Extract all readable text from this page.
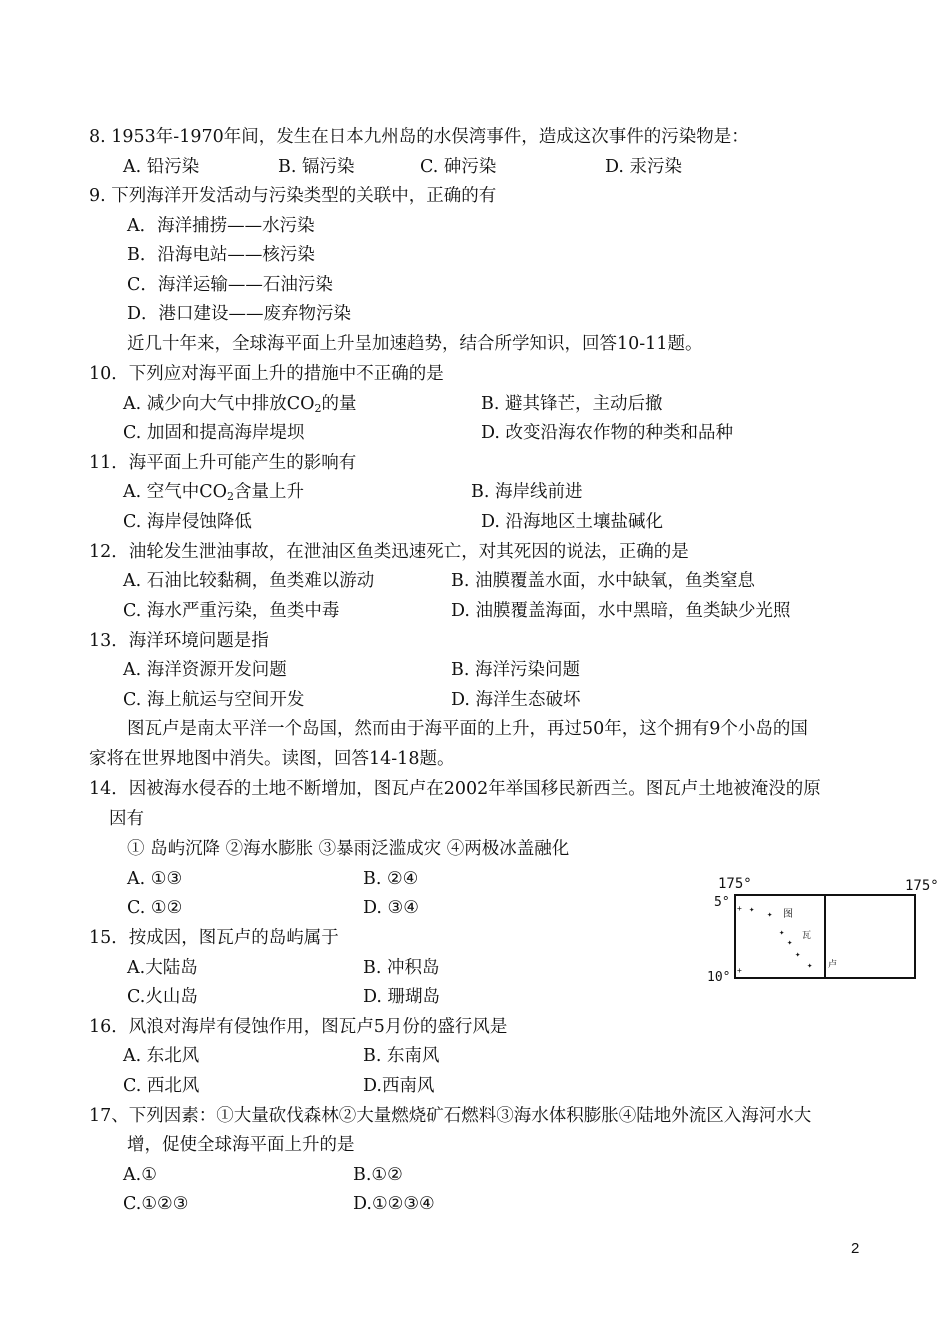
8. 1953年-1970年间，发生在日本九州岛的水俣湾事件，造成这次事件的污染物是：
A. 铅污染	B. 镉污染	C. 砷污染	D. 汞污染
9. 下列海洋开发活动与污染类型的关联中，正确的有
A．海洋捕捞——水污染
B．沿海电站——核污染
C．海洋运输——石油污染
D．港口建设——废弃物污染
近几十年来，全球海平面上升呈加速趋势，结合所学知识，回答10-11题。
10．下列应对海平面上升的措施中不正确的是
A. 减少向大气中排放$CO_2$的量	B. 避其锋芒，主动后撤
C. 加固和提高海岸堤坝	D. 改变沿海农作物的种类和品种
11．海平面上升可能产生的影响有
A. 空气中$CO_2$含量上升	B. 海岸线前进
C. 海岸侵蚀降低	D. 沿海地区土壤盐碱化
12．油轮发生泄油事故，在泄油区鱼类迅速死亡，对其死因的说法，正确的是
A. 石油比较黏稠，鱼类难以游动	B. 油膜覆盖水面，水中缺氧，鱼类窒息
C. 海水严重污染，鱼类中毒	D. 油膜覆盖海面，水中黑暗，鱼类缺少光照
13．海洋环境问题是指
A. 海洋资源开发问题	B. 海洋污染问题
C. 海上航运与空间开发	D. 海洋生态破坏
图瓦卢是南太平洋一个岛国，然而由于海平面的上升，再过50年，这个拥有9个小岛的国
家将在世界地图中消失。读图，回答14-18题。
14．因被海水侵吞的土地不断增加，图瓦卢在2002年举国移民新西兰。图瓦卢土地被淹没的原
因有
① 岛屿沉降 ②海水膨胀 ③暴雨泛滥成灾 ④两极冰盖融化
A. ①③	B. ②④
C. ①②	D. ③④
175°	175°
5°
10°
+
+
✦ ✦
✦
✦
✦
✦
图
瓦
卢
15．按成因，图瓦卢的岛屿属于
A.大陆岛	B. 冲积岛
C.火山岛	D. 珊瑚岛
16．风浪对海岸有侵蚀作用，图瓦卢5月份的盛行风是
A. 东北风	B. 东南风
C. 西北风	D.西南风
17、下列因素：①大量砍伐森林②大量燃烧矿石燃料③海水体积膨胀④陆地外流区入海河水大
增，促使全球海平面上升的是
A.①	B.①②
C.①②③	D.①②③④
2
